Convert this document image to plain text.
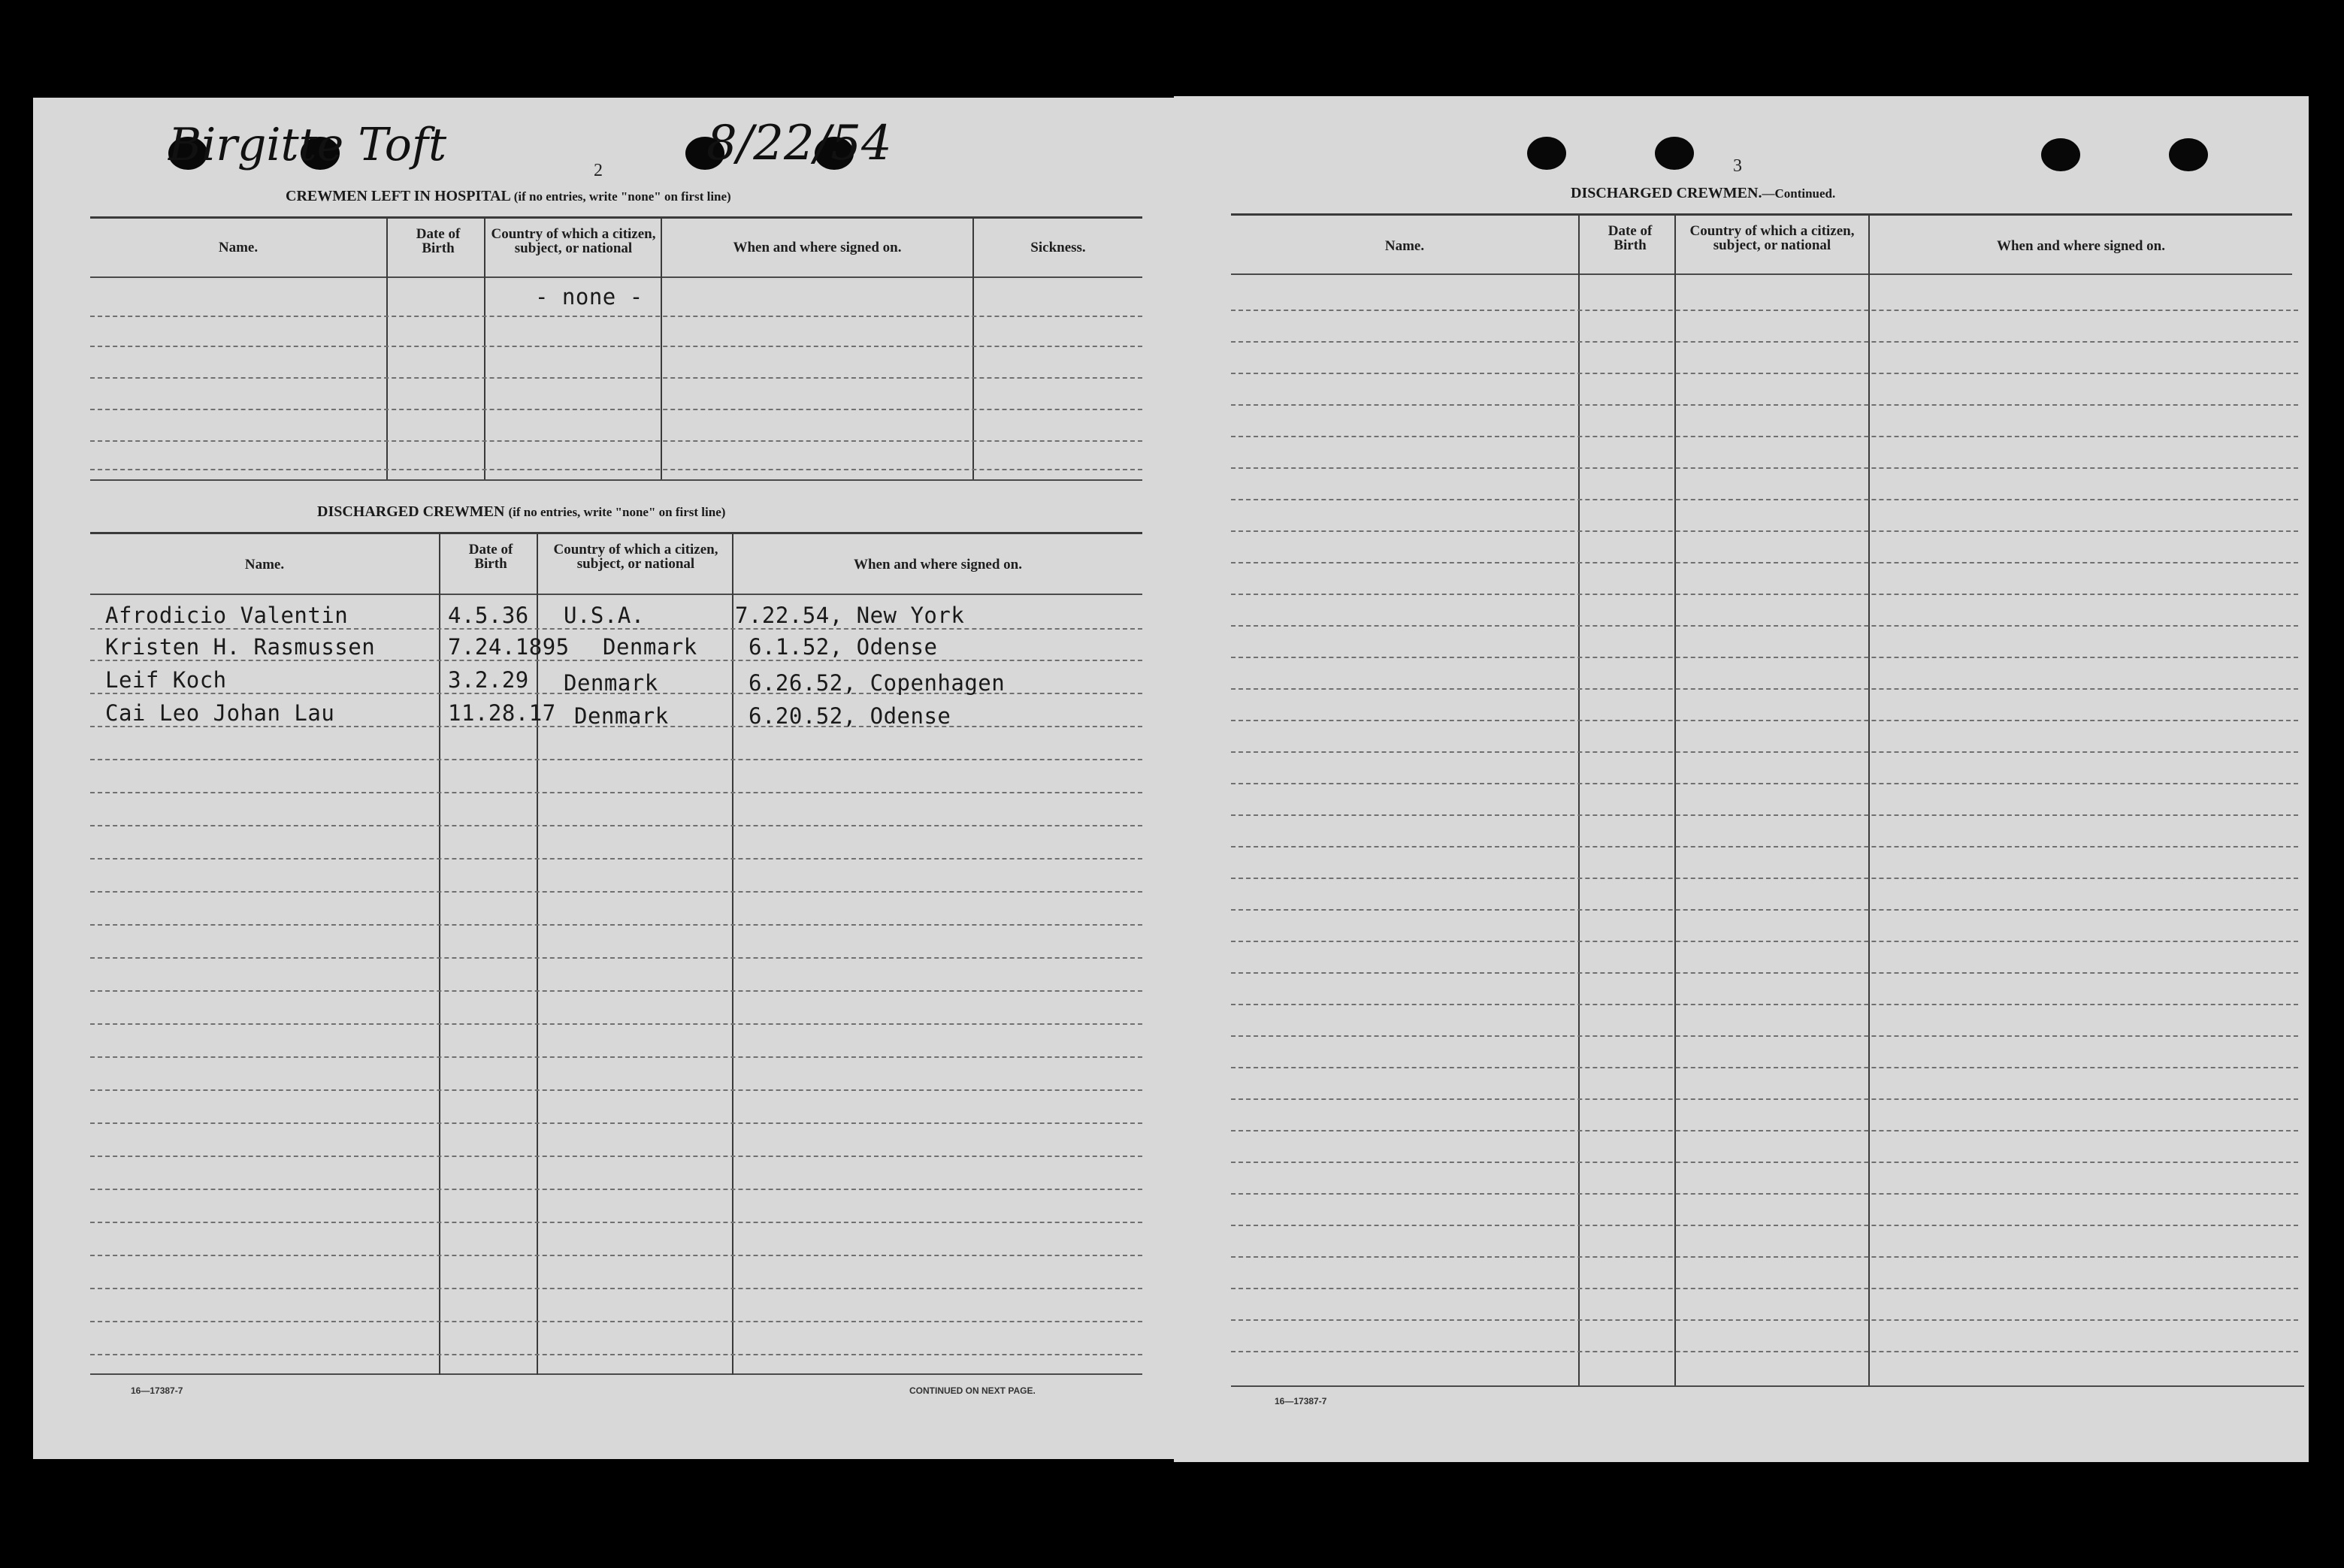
Birgitte Toft	8/22/54
2
CREWMEN LEFT IN HOSPITAL (if no entries, write "none" on first line)
Name.
Date of Birth
Country of which a citizen, subject, or national	When and where signed on.	Sickness.
- none -
DISCHARGED CREWMEN (if no entries, write "none" on first line)
Name.
Date of Birth
Country of which a citizen, subject, or national	When and where signed on.
Afrodicio Valentin	4.5.36 U.S.A.	7.22.54, New York
Kristen H. Rasmussen	7.24.1895 Denmark 6.1.52, Odense
Leif Koch	3.2.29 Denmark	6.26.52, Copenhagen
Cai Leo Johan Lau	11.28.17 Denmark	6.20.52, Odense
16—17387-7	CONTINUED ON NEXT PAGE.
3
DISCHARGED CREWMEN.—Continued.
Name.
Date of Birth
Country of which a citizen, subject, or national	When and where signed on.
16—17387-7
